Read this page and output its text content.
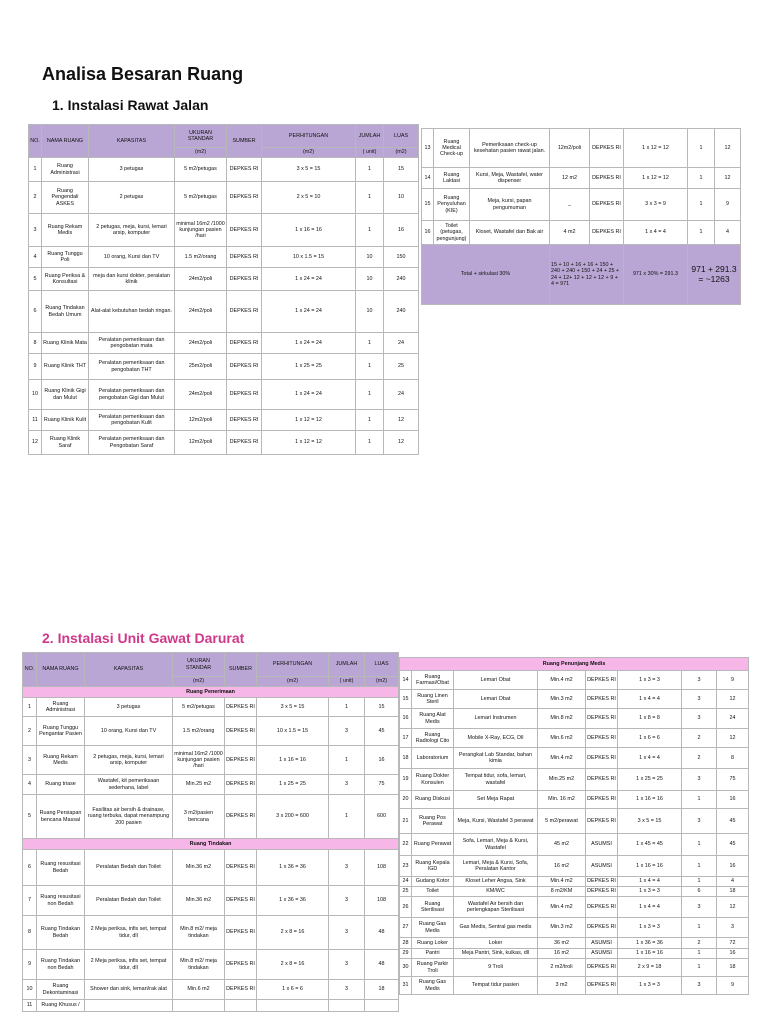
Analisa Besaran Ruang
1. Instalasi Rawat Jalan
2. Instalasi Unit Gawat Darurat
NO.	NAMA RUANG	KAPASITAS	UKURAN STANDAR	SUMBER	PERHITUNGAN	JUMLAH	LUAS
			(m2)		(m2)	( unit)	(m2)
1	Ruang Administrasi	3 petugas	5 m2/petugas	DEPKES RI	3 x 5 = 15	1	15
2	Ruang Pengendali ASKES	2 petugas	5 m2/petugas	DEPKES RI	2 x 5 = 10	1	10
3	Ruang Rekam Medis	2 petugas, meja, kursi, lemari arsip, komputer	minimal 16m2 /1000 kunjungan pasien /hari	DEPKES RI	1 x 16 = 16	1	16
4	Ruang Tunggu Poli	10 orang, Kursi dan TV	1.5 m2/orang	DEPKES RI	10 x 1.5 = 15	10	150
5	Ruang Periksa & Konsultasi	meja dan kursi dokter, peralatan klinik	24m2/poli	DEPKES RI	1 x 24 = 24	10	240
6	Ruang Tindakan Bedah Umum	Alat-alat kebutuhan bedah ringan.	24m2/poli	DEPKES RI	1 x 24 = 24	10	240
8	Ruang Klinik Mata	Peralatan pemeriksaan dan pengobatan mata	24m2/poli	DEPKES RI	1 x 24 = 24	1	24
9	Ruang Klinik THT	Peralatan pemeriksaan dan pengobatan THT	25m2/poli	DEPKES RI	1 x 25 = 25	1	25
10	Ruang Klinik Gigi dan Mulut	Peralatan pemeriksaan dan pengobatan Gigi dan Mulut	24m2/poli	DEPKES RI	1 x 24 = 24	1	24
11	Ruang Klinik Kulit	Peralatan pemeriksaan dan pengobatan Kulit	12m2/poli	DEPKES RI	1 x 12 = 12	1	12
12	Ruang Klinik Saraf	Peralatan pemeriksaan dan Pengobatan Saraf	12m2/poli	DEPKES RI	1 x 12 = 12	1	12
13	Ruang Medical Check-up	Pemeriksaan check-up kesehatan pasien rawat jalan.	12m2/poli	DEPKES RI	1 x 12 = 12	1	12
14	Ruang Laktasi	Kursi, Meja, Wastafel, water dispenser	12 m2	DEPKES RI	1 x 12 = 12	1	12
15	Ruang Penyuluhan (KIE)	Meja, kursi, papan pengumuman	_	DEPKES RI	3 x 3 = 9	1	9
16	Toilet (petugas, pengunjung)	Kloset, Wastafel dan Bak air	4 m2	DEPKES RI	1 x 4 = 4	1	4
Total + sirkulasi 30%			15 + 10 + 16 + 16 + 150 + 240 + 240 + 150 + 24 + 25 + 24 + 12+ 12 + 12 + 12 + 9 + 4 = 971		971 x 30% = 291.3	971 + 291.3 = ~1263	
NO.	NAMA RUANG	KAPASITAS	UKURAN STANDAR	SUMBER	PERHITUNGAN	JUMLAH	LUAS
			(m2)		(m2)	( unit)	(m2)
Ruang Penerimaan							
1	Ruang Administrasi	3 petugas	5 m2/petugas	DEPKES RI	3 x 5 = 15	1	15
2	Ruang Tunggu Pengantar Pasien	10 orang, Kursi dan TV	1.5 m2/orang	DEPKES RI	10 x 1.5 = 15	3	45
3	Ruang Rekam Medis	2 petugas, meja, kursi, lemari arsip, komputer	minimal 16m2 /1000 kunjungan pasien /hari	DEPKES RI	1 x 16 = 16	1	16
4	Ruang triase	Wastafel, kit pemeriksaan sederhana, label	Min.25 m2	DEPKES RI	1 x 25 = 25	3	75
5	Ruang Persiapan bencana Massal	Fasilitas air bersih & drainase, ruang terbuka, dapat menampung 200 pasien	3 m2/pasien bencana	DEPKES RI	3 x 200 = 600	1	600
Ruang Tindakan							
6	Ruang resusitasi Bedah	Peralatan Bedah dan Toilet	Min.36 m2	DEPKES RI	1 x 36 = 36	3	108
7	Ruang resusitasi non Bedah	Peralatan Bedah dan Toilet	Min.36 m2	DEPKES RI	1 x 36 = 36	3	108
8	Ruang Tindakan Bedah	2 Meja periksa, infis set, tempat tidur, dll	Min.8 m2/ meja tindakan	DEPKES RI	2 x 8 = 16	3	48
9	Ruang Tindakan non Bedah	2 Meja periksa, infis set, tempat tidur, dll	Min.8 m2/ meja tindakan	DEPKES RI	2 x 8 = 16	3	48
10	Ruang Dekontaminasi	Shower dan sink, lemari/rak alat	Min.6 m2	DEPKES RI	1 x 6 = 6	3	18
11	Ruang Khusus /						
Ruang Penunjang Medis							
14	Ruang Farmasi/Obat	Lemari Obat	Min.4 m2	DEPKES RI	1 x 3 = 3	3	9
15	Ruang Linen Steril	Lemari Obat	Min.3 m2	DEPKES RI	1 x 4 = 4	3	12
16	Ruang Alat Medis	Lemari Instrumen	Min.8 m2	DEPKES RI	1 x 8 = 8	3	24
17	Ruang Radiologi Cito	Mobile X-Ray, ECG, Dll	Min.6 m2	DEPKES RI	1 x 6 = 6	2	12
18	Laboratorium	Perangkat Lab Standar, bahan kimia	Min.4 m2	DEPKES RI	1 x 4 = 4	2	8
19	Ruang Dokter Konsulen	Tempat tidur, sofa, lemari, wastafel	Min.25 m2	DEPKES RI	1 x 25 = 25	3	75
20	Ruang Diskusi	Set Meja Rapat	Min. 16 m2	DEPKES RI	1 x 16 = 16	1	16
21	Ruang Pos Perawat	Meja, Kursi, Wastafel 3 perawat	5 m2/perawat	DEPKES RI	3 x 5 = 15	3	45
22	Ruang Perawat	Sofa, Lemari, Meja & Kursi, Wastafel	45 m2	ASUMSI	1 x 45 = 45	1	45
23	Ruang Kepala IGD	Lemari, Meja & Kursi, Sofa, Peralatan Kantor	16 m2	ASUMSI	1 x 16 = 16	1	16
24	Gudang Kotor	Kloset Leher Angsa, Sink	Min.4 m2	DEPKES RI	1 x 4 = 4	1	4
25	Toilet	KM/WC	8 m2/KM	DEPKES RI	1 x 3 = 3	6	18
26	Ruang Sterilisasi	Wastafel Air bersih dan perlengkapan Sterilisasi	Min.4 m2	DEPKES RI	1 x 4 = 4	3	12
27	Ruang Gas Medis	Gas Medis, Sentral gas medis	Min.3 m2	DEPKES RI	1 x 3 = 3	1	3
28	Ruang Loker	Loker	36 m2	ASUMSI	1 x 36 = 36	2	72
29	Pantri	Meja Pantri, Sink, kulkas, dll	16 m2	ASUMSI	1 x 16 = 16	1	16
30	Ruang Parkir Troli	9 Troli	2 m2/troli	DEPKES RI	2 x 9 = 18	1	18
31	Ruang Gas Medis	Tempat tidur pasien	3 m2	DEPKES RI	1 x 3 = 3	3	9
